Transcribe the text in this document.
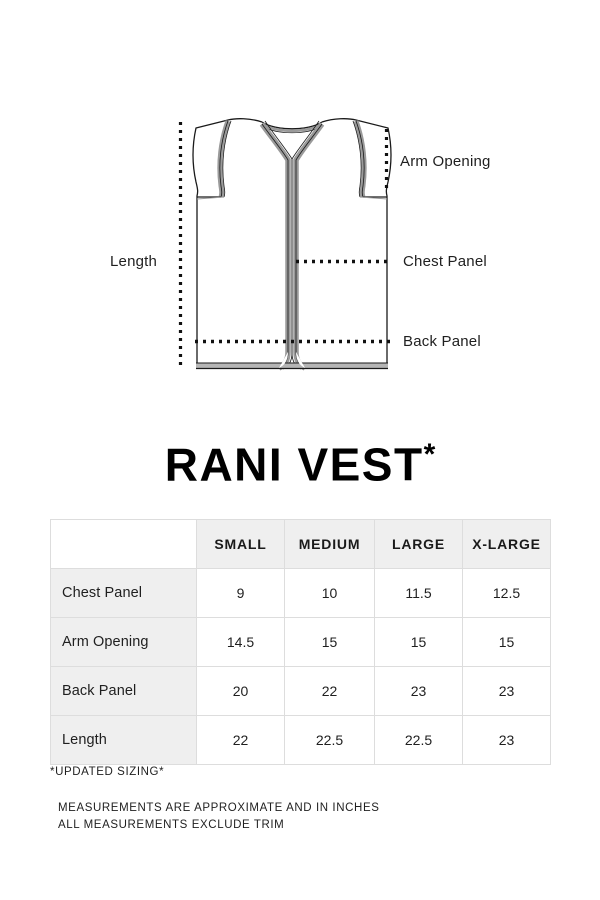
Length
Arm Opening
Chest Panel
Back Panel
RANI VEST*
	SMALL	MEDIUM	LARGE	X-LARGE
Chest Panel	9	10	11.5	12.5
Arm Opening	14.5	15	15	15
Back Panel	20	22	23	23
Length	22	22.5	22.5	23
*UPDATED SIZING*
MEASUREMENTS ARE APPROXIMATE AND IN INCHES
ALL MEASUREMENTS EXCLUDE TRIM
